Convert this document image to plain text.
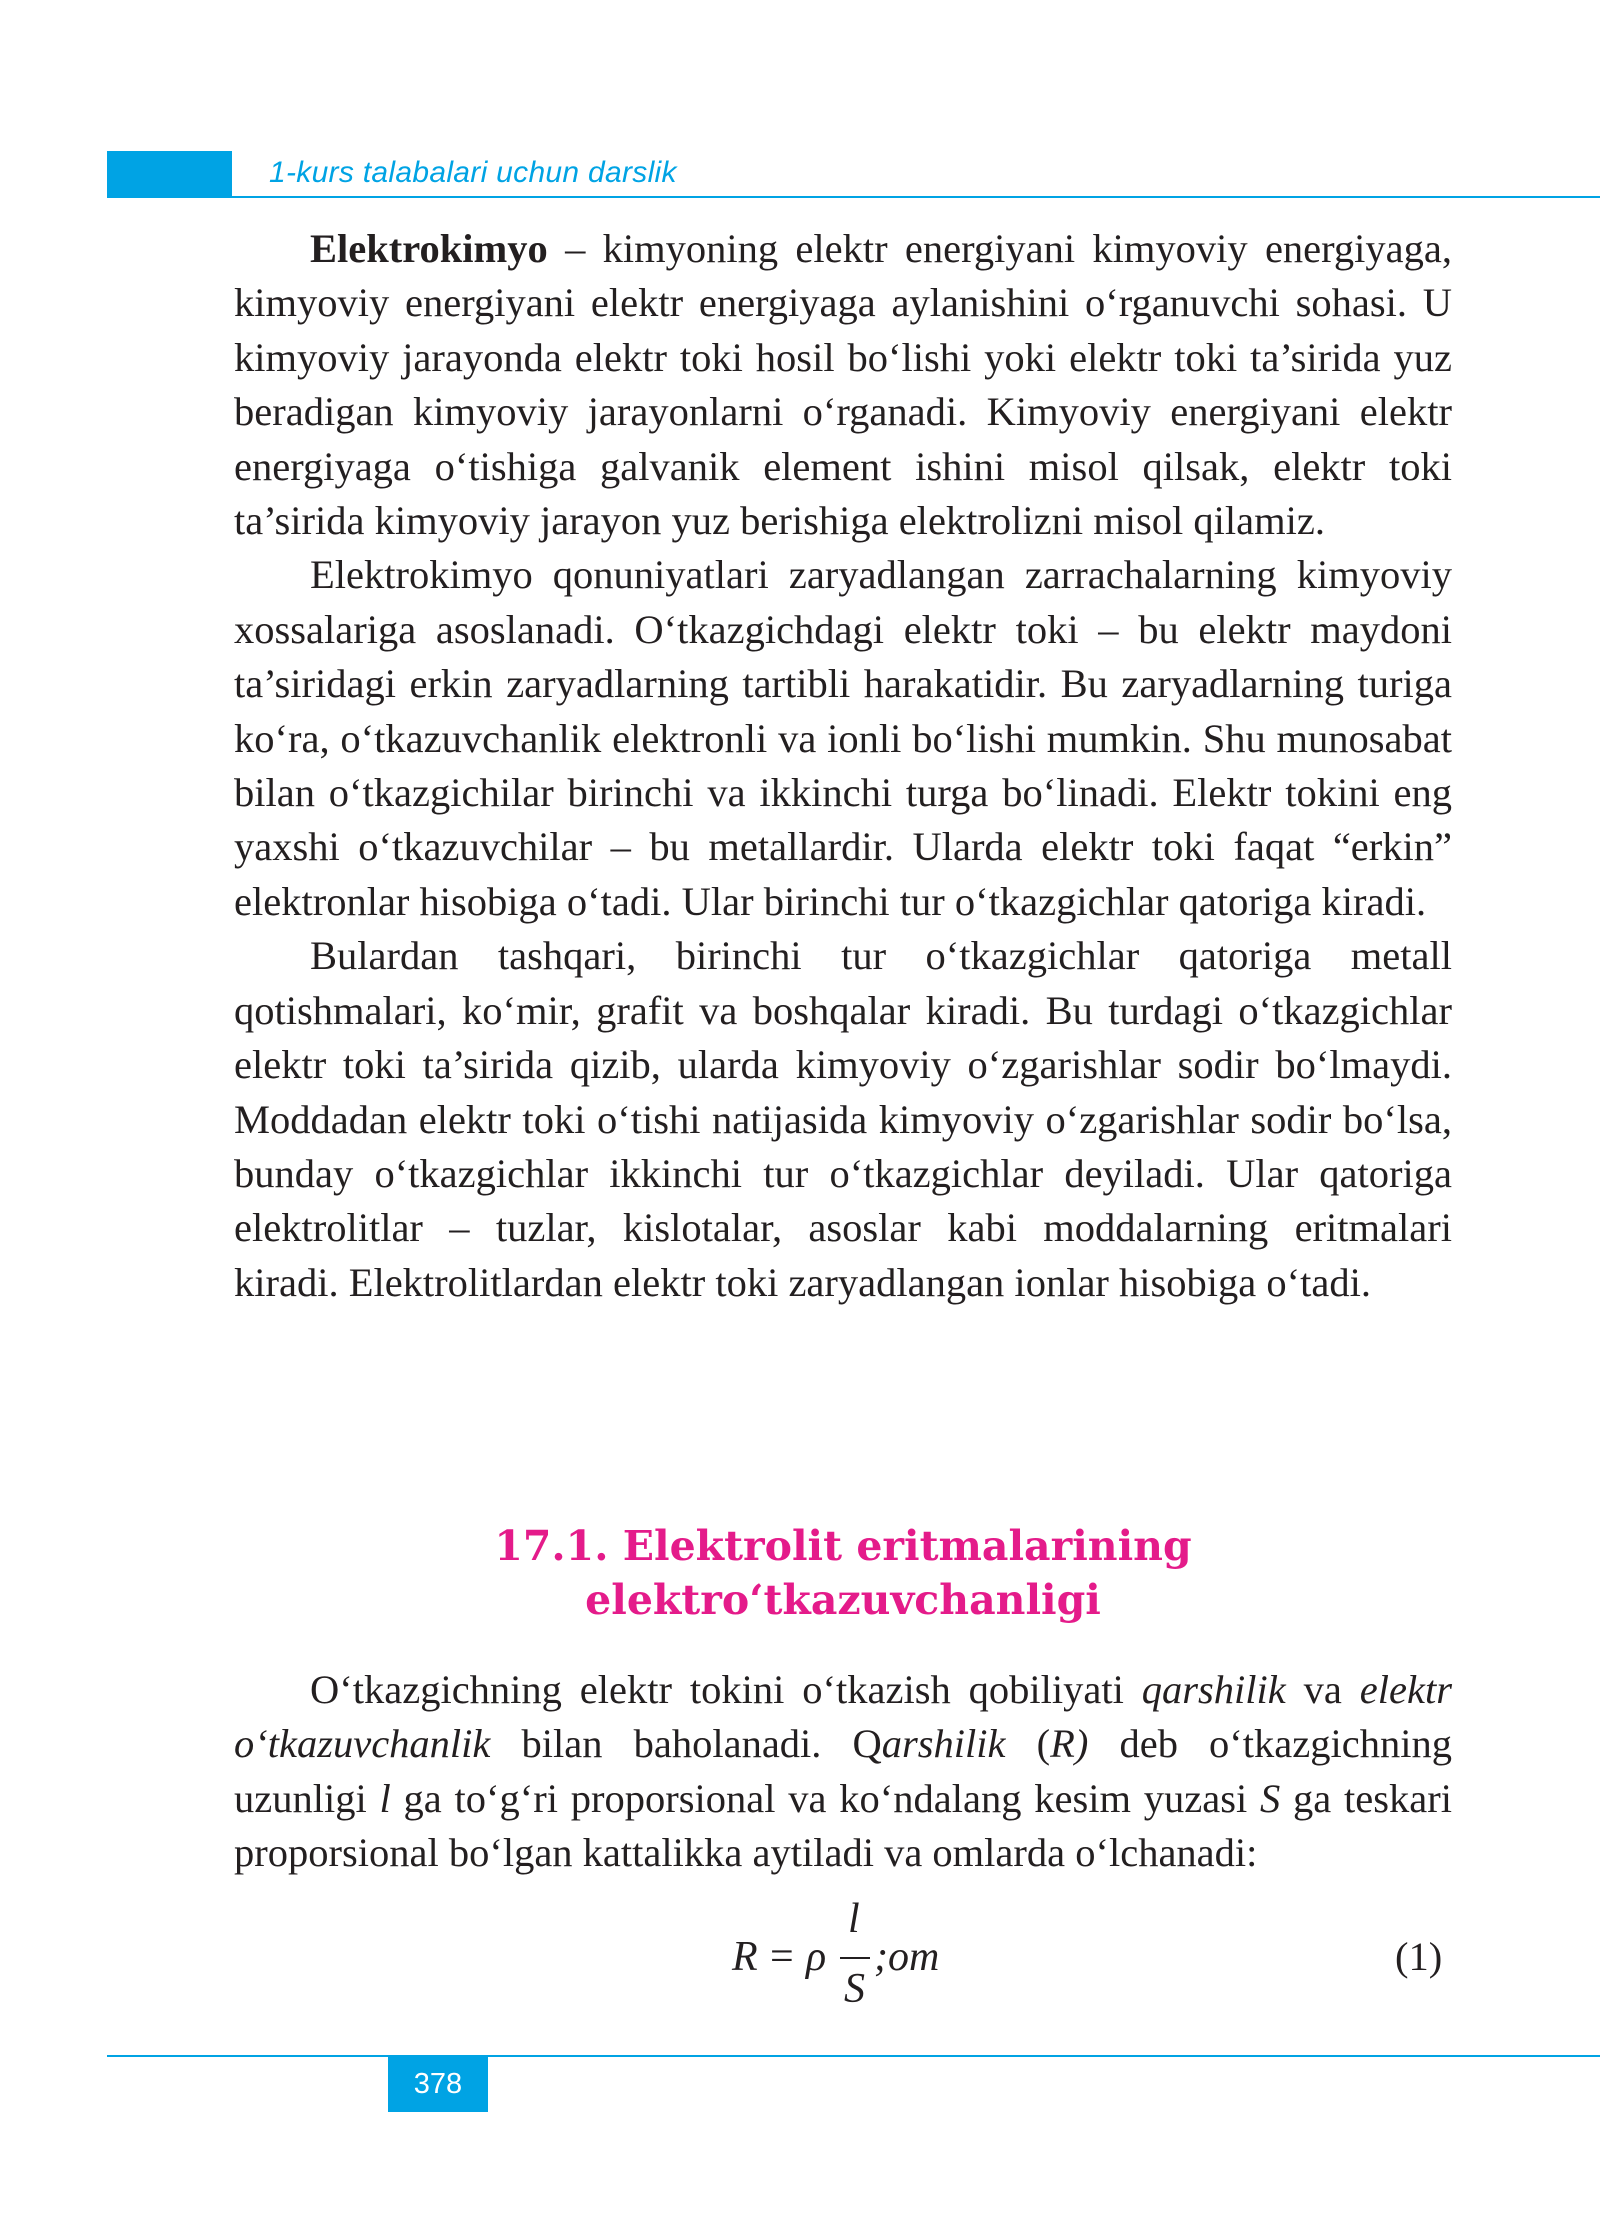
1-kurs talabalari uchun darslik

Elektrokimyo – kimyoning elektr energiyani kimyoviy energiyaga, kimyoviy energiyani elektr energiyaga aylanishini o‘rganuvchi sohasi. U kimyoviy jarayonda elektr toki hosil bo‘lishi yoki elektr toki ta’sirida yuz beradigan kimyoviy jarayonlarni o‘rganadi. Kimyoviy energiyani elektr energiyaga o‘tishiga galvanik element ishini misol qilsak, elektr toki ta’sirida kimyoviy jarayon yuz berishiga elektrolizni misol qilamiz.

Elektrokimyo qonuniyatlari zaryadlangan zarrachalarning kimyoviy xossalariga asoslanadi. O‘tkazgichdagi elektr toki – bu elektr maydoni ta’siridagi erkin zaryadlarning tartibli harakatidir. Bu zaryadlarning turiga ko‘ra, o‘tkazuvchanlik elektronli va ionli bo‘lishi mumkin. Shu munosabat bilan o‘tkazgichilar birinchi va ikkinchi turga bo‘linadi. Elektr tokini eng yaxshi o‘tkazuvchilar – bu metallardir. Ularda elektr toki faqat “erkin” elektronlar hisobiga o‘tadi. Ular birinchi tur o‘tkazgichlar qatoriga kiradi.

Bulardan tashqari, birinchi tur o‘tkazgichlar qatoriga metall qotishmalari, ko‘mir, grafit va boshqalar kiradi. Bu turdagi o‘tkazgichlar elektr toki ta’sirida qizib, ularda kimyoviy o‘zgarishlar sodir bo‘lmaydi. Moddadan elektr toki o‘tishi natijasida kimyoviy o‘zgarishlar sodir bo‘lsa, bunday o‘tkazgichlar ikkinchi tur o‘tkazgichlar deyiladi. Ular qatoriga elektrolitlar – tuzlar, kislotalar, asoslar kabi moddalarning eritmalari kiradi. Elektrolitlardan elektr toki zaryadlangan ionlar hisobiga o‘tadi.

17.1. Elektrolit eritmalarining
elektro‘tkazuvchanligi

O‘tkazgichning elektr tokini o‘tkazish qobiliyati qarshilik va elektr o‘tkazuvchanlik bilan baholanadi. Qarshilik (R) deb o‘tkazgichning uzunligi l ga to‘g‘ri proporsional va ko‘ndalang kesim yuzasi S ga teskari proporsional bo‘lgan kattalikka aytiladi va omlarda o‘lchanadi:

R = ρ
l
S
;om	(1)
378
